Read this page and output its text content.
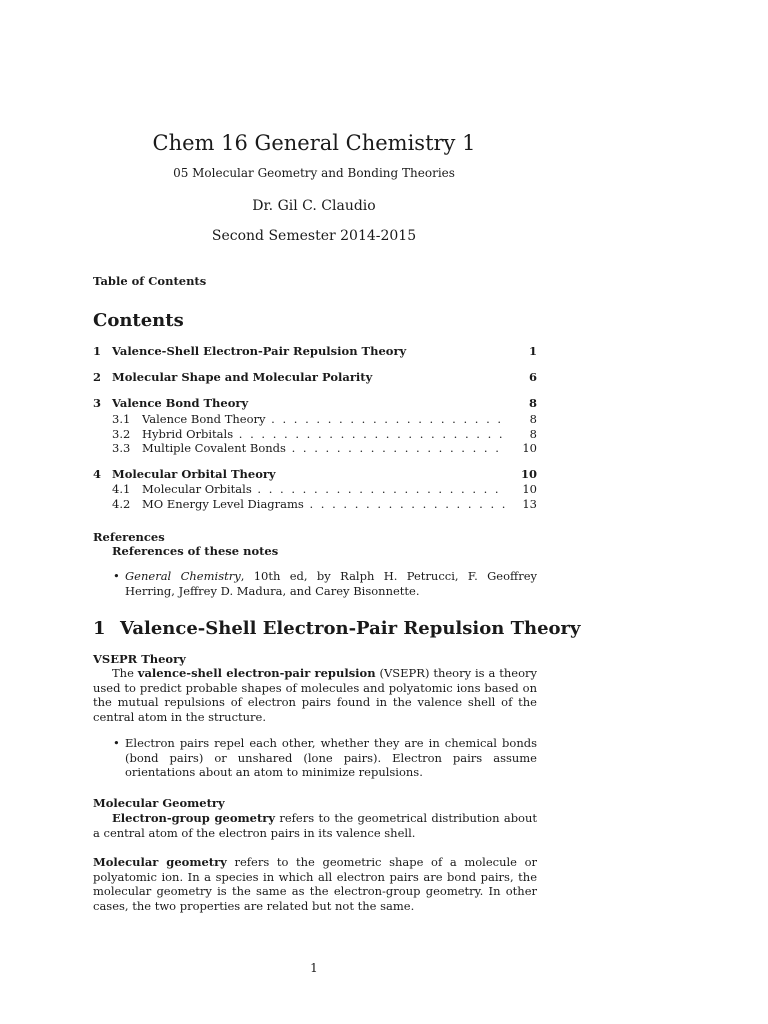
Chem 16 General Chemistry 1
05 Molecular Geometry and Bonding Theories
Dr. Gil C. Claudio
Second Semester 2014-2015
Table of Contents
Contents
1 Valence-Shell Electron-Pair Repulsion Theory	1
2 Molecular Shape and Molecular Polarity	6
3 Valence Bond Theory	8
3.1 Valence Bond Theory . . .	8
3.2 Hybrid Orbitals . . .	8
3.3 Multiple Covalent Bonds . . .	10
4 Molecular Orbital Theory	10
4.1 Molecular Orbitals . . .	10
4.2 MO Energy Level Diagrams . . .	13
References
References of these notes
• General Chemistry, 10th ed, by Ralph H. Petrucci, F. Geoffrey Herring, Jeffrey D. Madura, and Carey Bisonnette.
1 Valence-Shell Electron-Pair Repulsion Theory
VSEPR Theory
The valence-shell electron-pair repulsion (VSEPR) theory is a theory used to predict probable shapes of molecules and polyatomic ions based on the mutual repulsions of electron pairs found in the valence shell of the central atom in the structure.
• Electron pairs repel each other, whether they are in chemical bonds (bond pairs) or unshared (lone pairs). Electron pairs assume orientations about an atom to minimize repulsions.
Molecular Geometry
Electron-group geometry refers to the geometrical distribution about a central atom of the electron pairs in its valence shell.
Molecular geometry refers to the geometric shape of a molecule or polyatomic ion. In a species in which all electron pairs are bond pairs, the molecular geometry is the same as the electron-group geometry. In other cases, the two properties are related but not the same.
1
